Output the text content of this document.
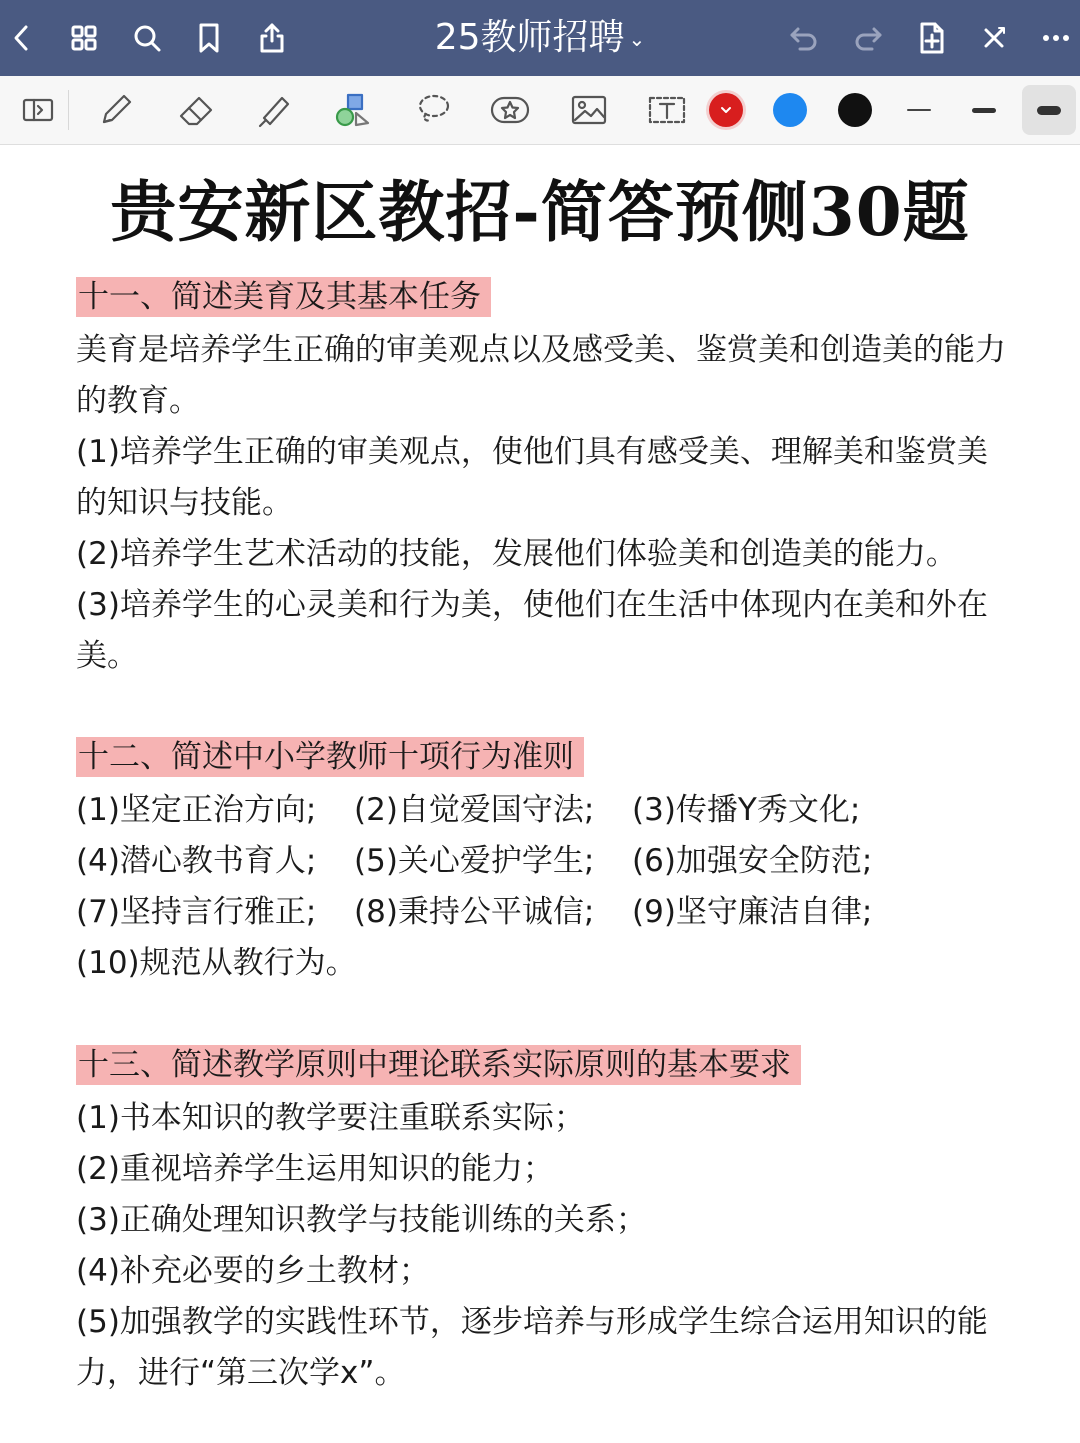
25教师招聘 ⌄
贵安新区教招-简答预侧30题
十一、简述美育及其基本任务

美育是培养学生正确的审美观点以及感受美、鉴赏美和创造美的能力的教育。

(1)培养学生正确的审美观点，使他们具有感受美、理解美和鉴赏美的知识与技能。

(2)培养学生艺术活动的技能，发展他们体验美和创造美的能力。

(3)培养学生的心灵美和行为美，使他们在生活中体现内在美和外在美。

十二、简述中小学教师十项行为准则
(1)坚定正治方向;	(2)自觉爱国守法;	(3)传播Y秀文化;
(4)潜心教书育人;	(5)关心爱护学生;	(6)加强安全防范;
(7)坚持言行雅正;	(8)秉持公平诚信;	(9)坚守廉洁自律;
(10)规范从教行为。
十三、简述教学原则中理论联系实际原则的基本要求

(1)书本知识的教学要注重联系实际；

(2)重视培养学生运用知识的能力；

(3)正确处理知识教学与技能训练的关系；

(4)补充必要的乡土教材；

(5)加强教学的实践性环节，逐步培养与形成学生综合运用知识的能力，进行“第三次学x”。
